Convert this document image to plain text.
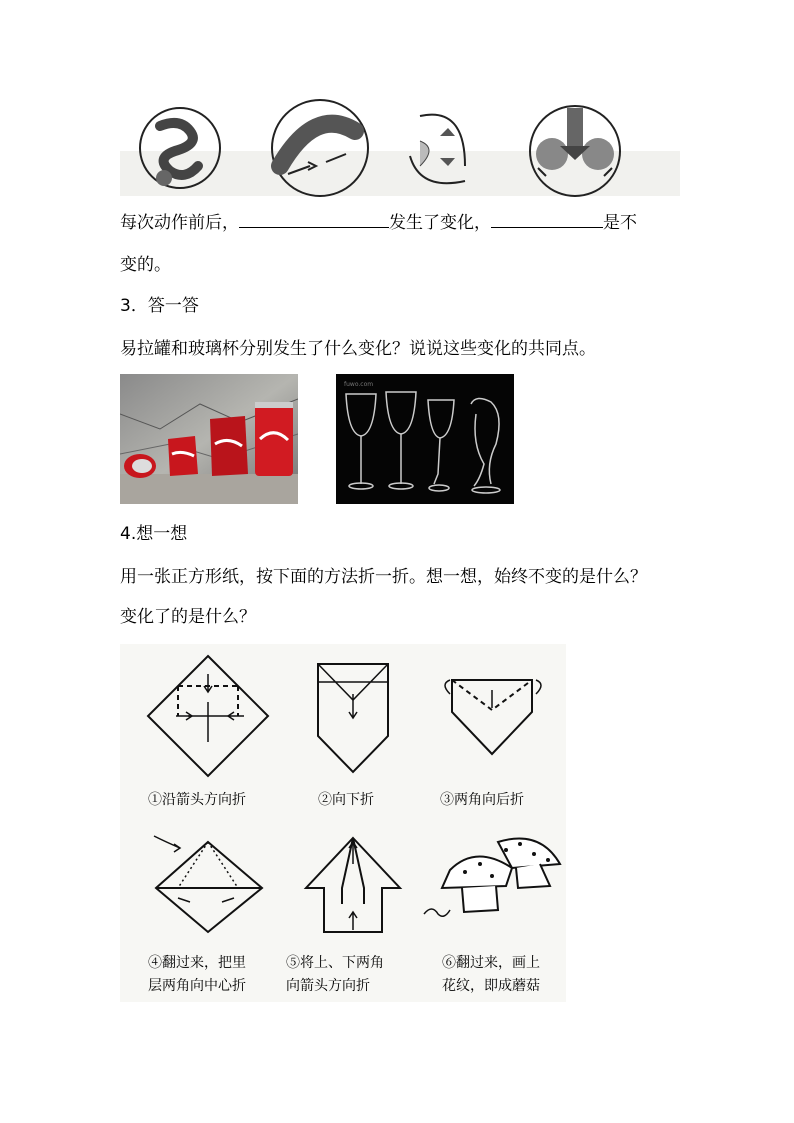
每次动作前后，	发生了变化，	是不
变的。
3．答一答
易拉罐和玻璃杯分别发生了什么变化？说说这些变化的共同点。
fuwo.com
4.想一想
用一张正方形纸，按下面的方法折一折。想一想，始终不变的是什么？
变化了的是什么？
①沿箭头方向折	②向下折	③两角向后折
④翻过来，把里
层两角向中心折
⑤将上、下两角
向箭头方向折
⑥翻过来，画上
花纹，即成蘑菇
